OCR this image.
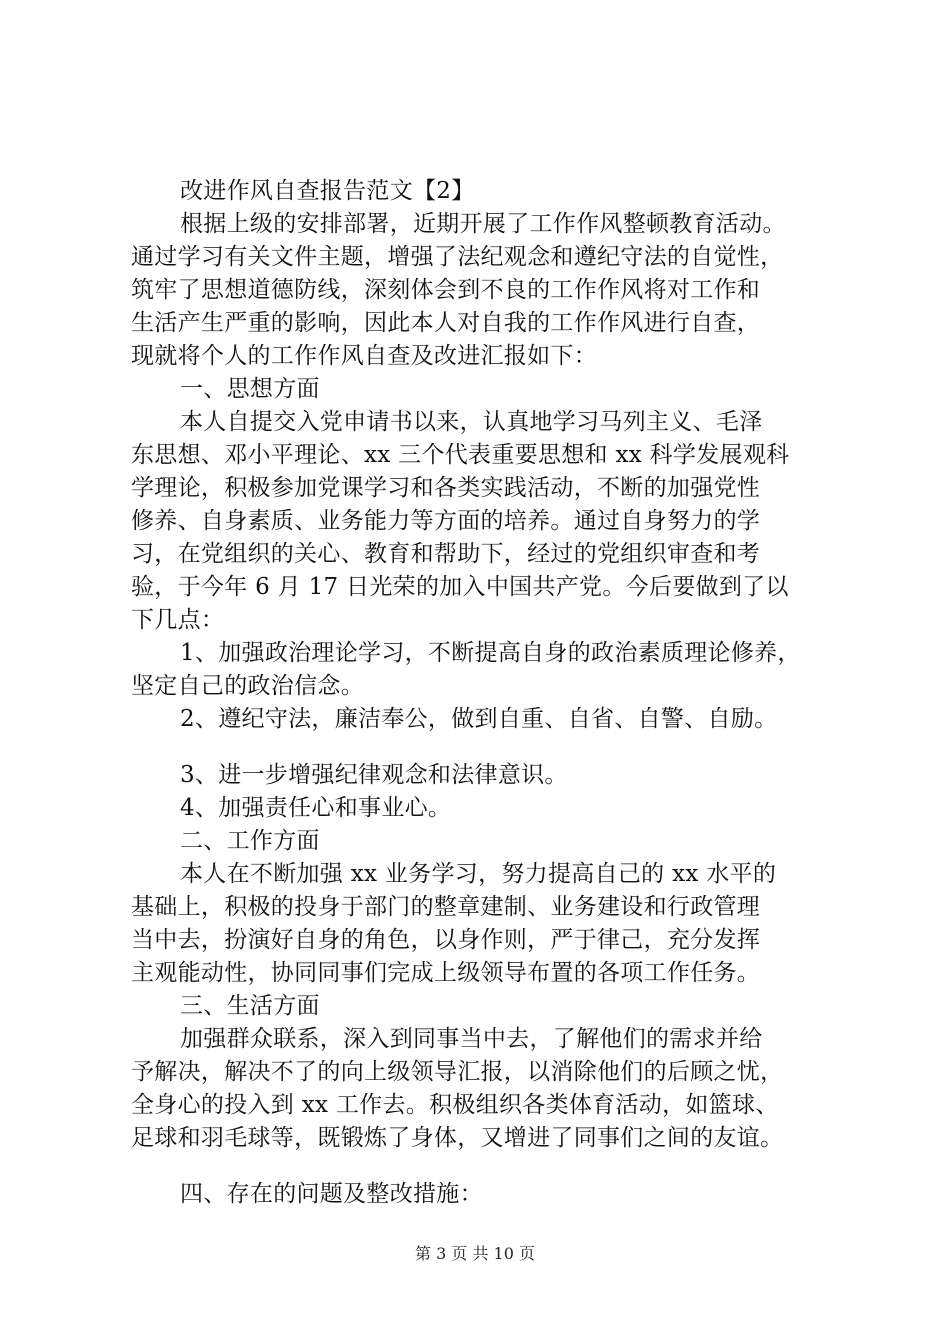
改进作风自查报告范文【2】
根据上级的安排部署，近期开展了工作作风整顿教育活动。
通过学习有关文件主题，增强了法纪观念和遵纪守法的自觉性，
筑牢了思想道德防线，深刻体会到不良的工作作风将对工作和
生活产生严重的影响，因此本人对自我的工作作风进行自查，
现就将个人的工作作风自查及改进汇报如下：
一、思想方面
本人自提交入党申请书以来，认真地学习马列主义、毛泽
东思想、邓小平理论、xx 三个代表重要思想和 xx 科学发展观科
学理论，积极参加党课学习和各类实践活动，不断的加强党性
修养、自身素质、业务能力等方面的培养。通过自身努力的学
习，在党组织的关心、教育和帮助下，经过的党组织审查和考
验，于今年 6 月 17 日光荣的加入中国共产党。今后要做到了以
下几点：
1、加强政治理论学习，不断提高自身的政治素质理论修养，
坚定自己的政治信念。
2、遵纪守法，廉洁奉公，做到自重、自省、自警、自励。
3、进一步增强纪律观念和法律意识。
4、加强责任心和事业心。
二、工作方面
本人在不断加强 xx 业务学习，努力提高自己的 xx 水平的
基础上，积极的投身于部门的整章建制、业务建设和行政管理
当中去，扮演好自身的角色，以身作则，严于律己，充分发挥
主观能动性，协同同事们完成上级领导布置的各项工作任务。
三、生活方面
加强群众联系，深入到同事当中去，了解他们的需求并给
予解决，解决不了的向上级领导汇报，以消除他们的后顾之忧，
全身心的投入到 xx 工作去。积极组织各类体育活动，如篮球、
足球和羽毛球等，既锻炼了身体，又增进了同事们之间的友谊。
四、存在的问题及整改措施：
第 3 页 共 10 页
